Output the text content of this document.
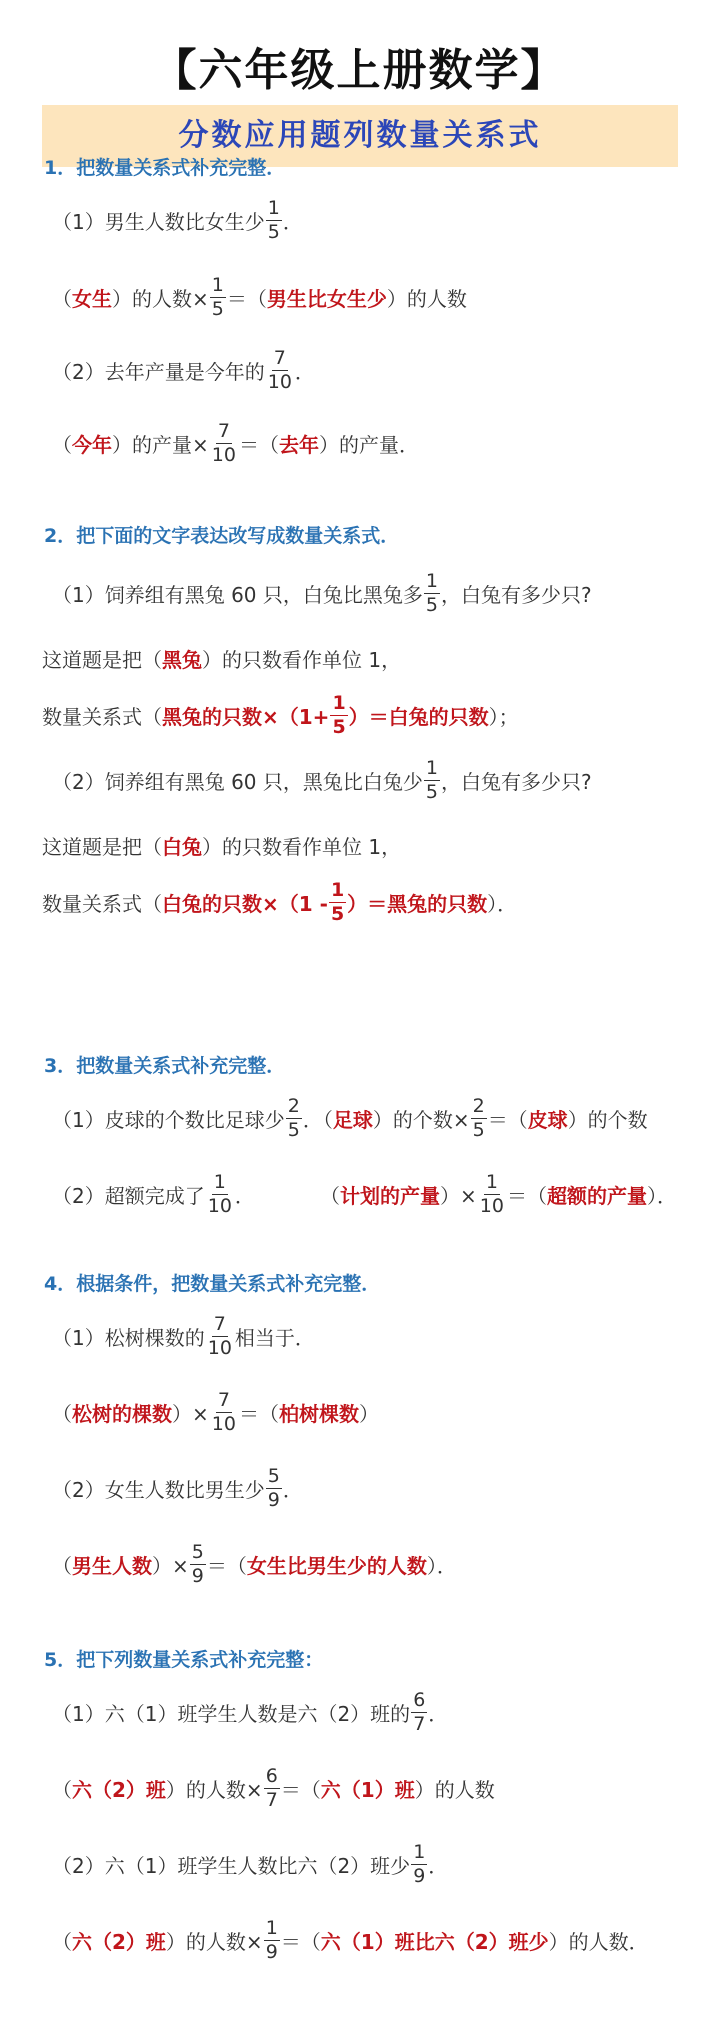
【六年级上册数学】
分数应用题列数量关系式
1．把数量关系式补充完整．
（1）男生人数比女生少 $\frac{1}{5}$ ．
（ 女生 ）的人数× $\frac{1}{5}$ ＝（ 男生比女生少 ）的人数
（2）去年产量是今年的 $\frac{7}{10}$ ．
（ 今年 ）的产量× $\frac{7}{10}$ ＝（ 去年 ）的产量．
2．把下面的文字表达改写成数量关系式．
（1）饲养组有黑兔 60 只，白兔比黑兔多 $\frac{1}{5}$ ，白兔有多少只?
这道题是把（ 黑兔 ）的只数看作单位 1，
数量关系式（ 黑兔的只数$\times(1+ \frac{1}{5}$ ）＝白兔的只数 ）；
（2）饲养组有黑兔 60 只，黑兔比白兔少 $\frac{1}{5}$ ，白兔有多少只?
这道题是把（ 白兔 ）的只数看作单位 1，
数量关系式（ 白兔的只数$\times(1 - \frac{1}{5}$ ）＝黑兔的只数 ）．
3．把数量关系式补充完整．
（1）皮球的个数比足球少 $\frac{2}{5}$ ．（ 足球 ）的个数× $\frac{2}{5}$ ＝（ 皮球 ）的个数
（2）超额完成了 $\frac{1}{10}$ ．	（ 计划的产量 ）× $\frac{1}{10}$ ＝（ 超额的产量 ）．
4．根据条件，把数量关系式补充完整．
（1）松树棵数的 $\frac{7}{10}$ 相当于．
（ 松树的棵数 ）× $\frac{7}{10}$ ＝（ 柏树棵数 ）
（2）女生人数比男生少 $\frac{5}{9}$ ．
（ 男生人数 ）× $\frac{5}{9}$ ＝（ 女生比男生少的人数 ）．
5．把下列数量关系式补充完整：
（1）六（1）班学生人数是六（2）班的 $\frac{6}{7}$ ．
（ 六（2）班 ）的人数× $\frac{6}{7}$ ＝（ 六（1）班 ）的人数
（2）六（1）班学生人数比六（2）班少 $\frac{1}{9}$ ．
（ 六（2）班 ）的人数× $\frac{1}{9}$ ＝（ 六（1）班比六（2）班少 ）的人数．
